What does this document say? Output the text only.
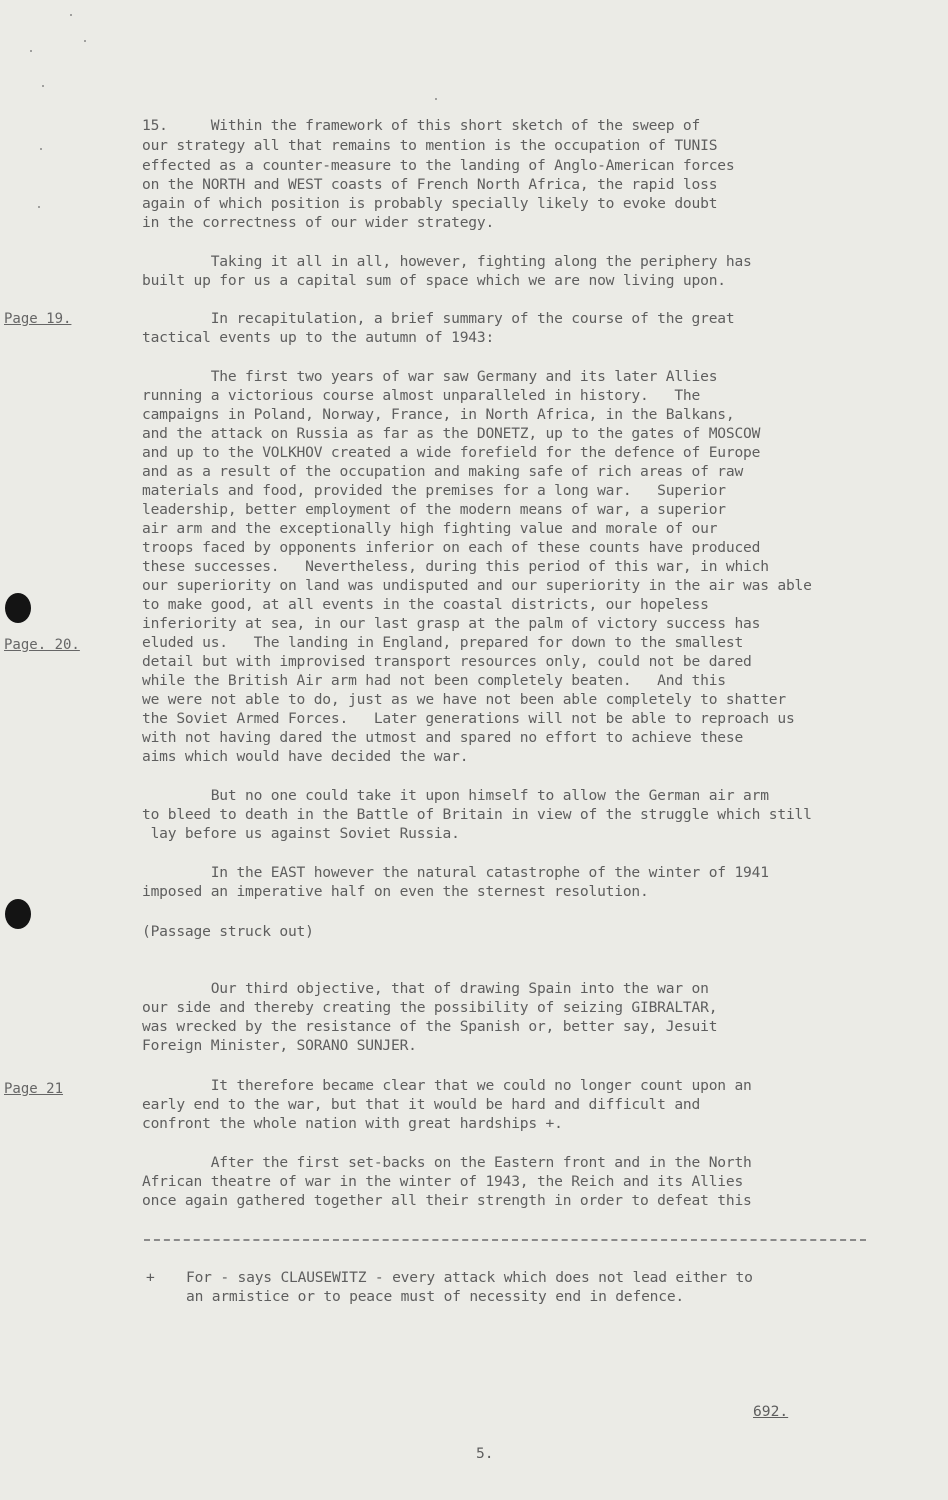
Page 19.
Page. 20.
Page 21
15.     Within the framework of this short sketch of the sweep of
our strategy all that remains to mention is the occupation of TUNIS
effected as a counter-measure to the landing of Anglo-American forces
on the NORTH and WEST coasts of French North Africa, the rapid loss
again of which position is probably specially likely to evoke doubt
in the correctness of our wider strategy.
Taking it all in all, however, fighting along the periphery has
built up for us a capital sum of space which we are now living upon.
In recapitulation, a brief summary of the course of the great
tactical events up to the autumn of 1943:
The first two years of war saw Germany and its later Allies
running a victorious course almost unparalleled in history.   The
campaigns in Poland, Norway, France, in North Africa, in the Balkans,
and the attack on Russia as far as the DONETZ, up to the gates of MOSCOW
and up to the VOLKHOV created a wide forefield for the defence of Europe
and as a result of the occupation and making safe of rich areas of raw
materials and food, provided the premises for a long war.   Superior
leadership, better employment of the modern means of war, a superior
air arm and the exceptionally high fighting value and morale of our
troops faced by opponents inferior on each of these counts have produced
these successes.   Nevertheless, during this period of this war, in which
our superiority on land was undisputed and our superiority in the air was able
to make good, at all events in the coastal districts, our hopeless
inferiority at sea, in our last grasp at the palm of victory success has
eluded us.   The landing in England, prepared for down to the smallest
detail but with improvised transport resources only, could not be dared
while the British Air arm had not been completely beaten.   And this
we were not able to do, just as we have not been able completely to shatter
the Soviet Armed Forces.   Later generations will not be able to reproach us
with not having dared the utmost and spared no effort to achieve these
aims which would have decided the war.
But no one could take it upon himself to allow the German air arm
to bleed to death in the Battle of Britain in view of the struggle which still
lay before us against Soviet Russia.
In the EAST however the natural catastrophe of the winter of 1941
imposed an imperative half on even the sternest resolution.
(Passage struck out)
Our third objective, that of drawing Spain into the war on
our side and thereby creating the possibility of seizing GIBRALTAR,
was wrecked by the resistance of the Spanish or, better say, Jesuit
Foreign Minister, SORANO SUNJER.
It therefore became clear that we could no longer count upon an
early end to the war, but that it would be hard and difficult and
confront the whole nation with great hardships +.
After the first set-backs on the Eastern front and in the North
African theatre of war in the winter of 1943, the Reich and its Allies
once again gathered together all their strength in order to defeat this
+ For - says CLAUSEWITZ - every attack which does not lead either to
an armistice or to peace must of necessity end in defence.
692.
5.
